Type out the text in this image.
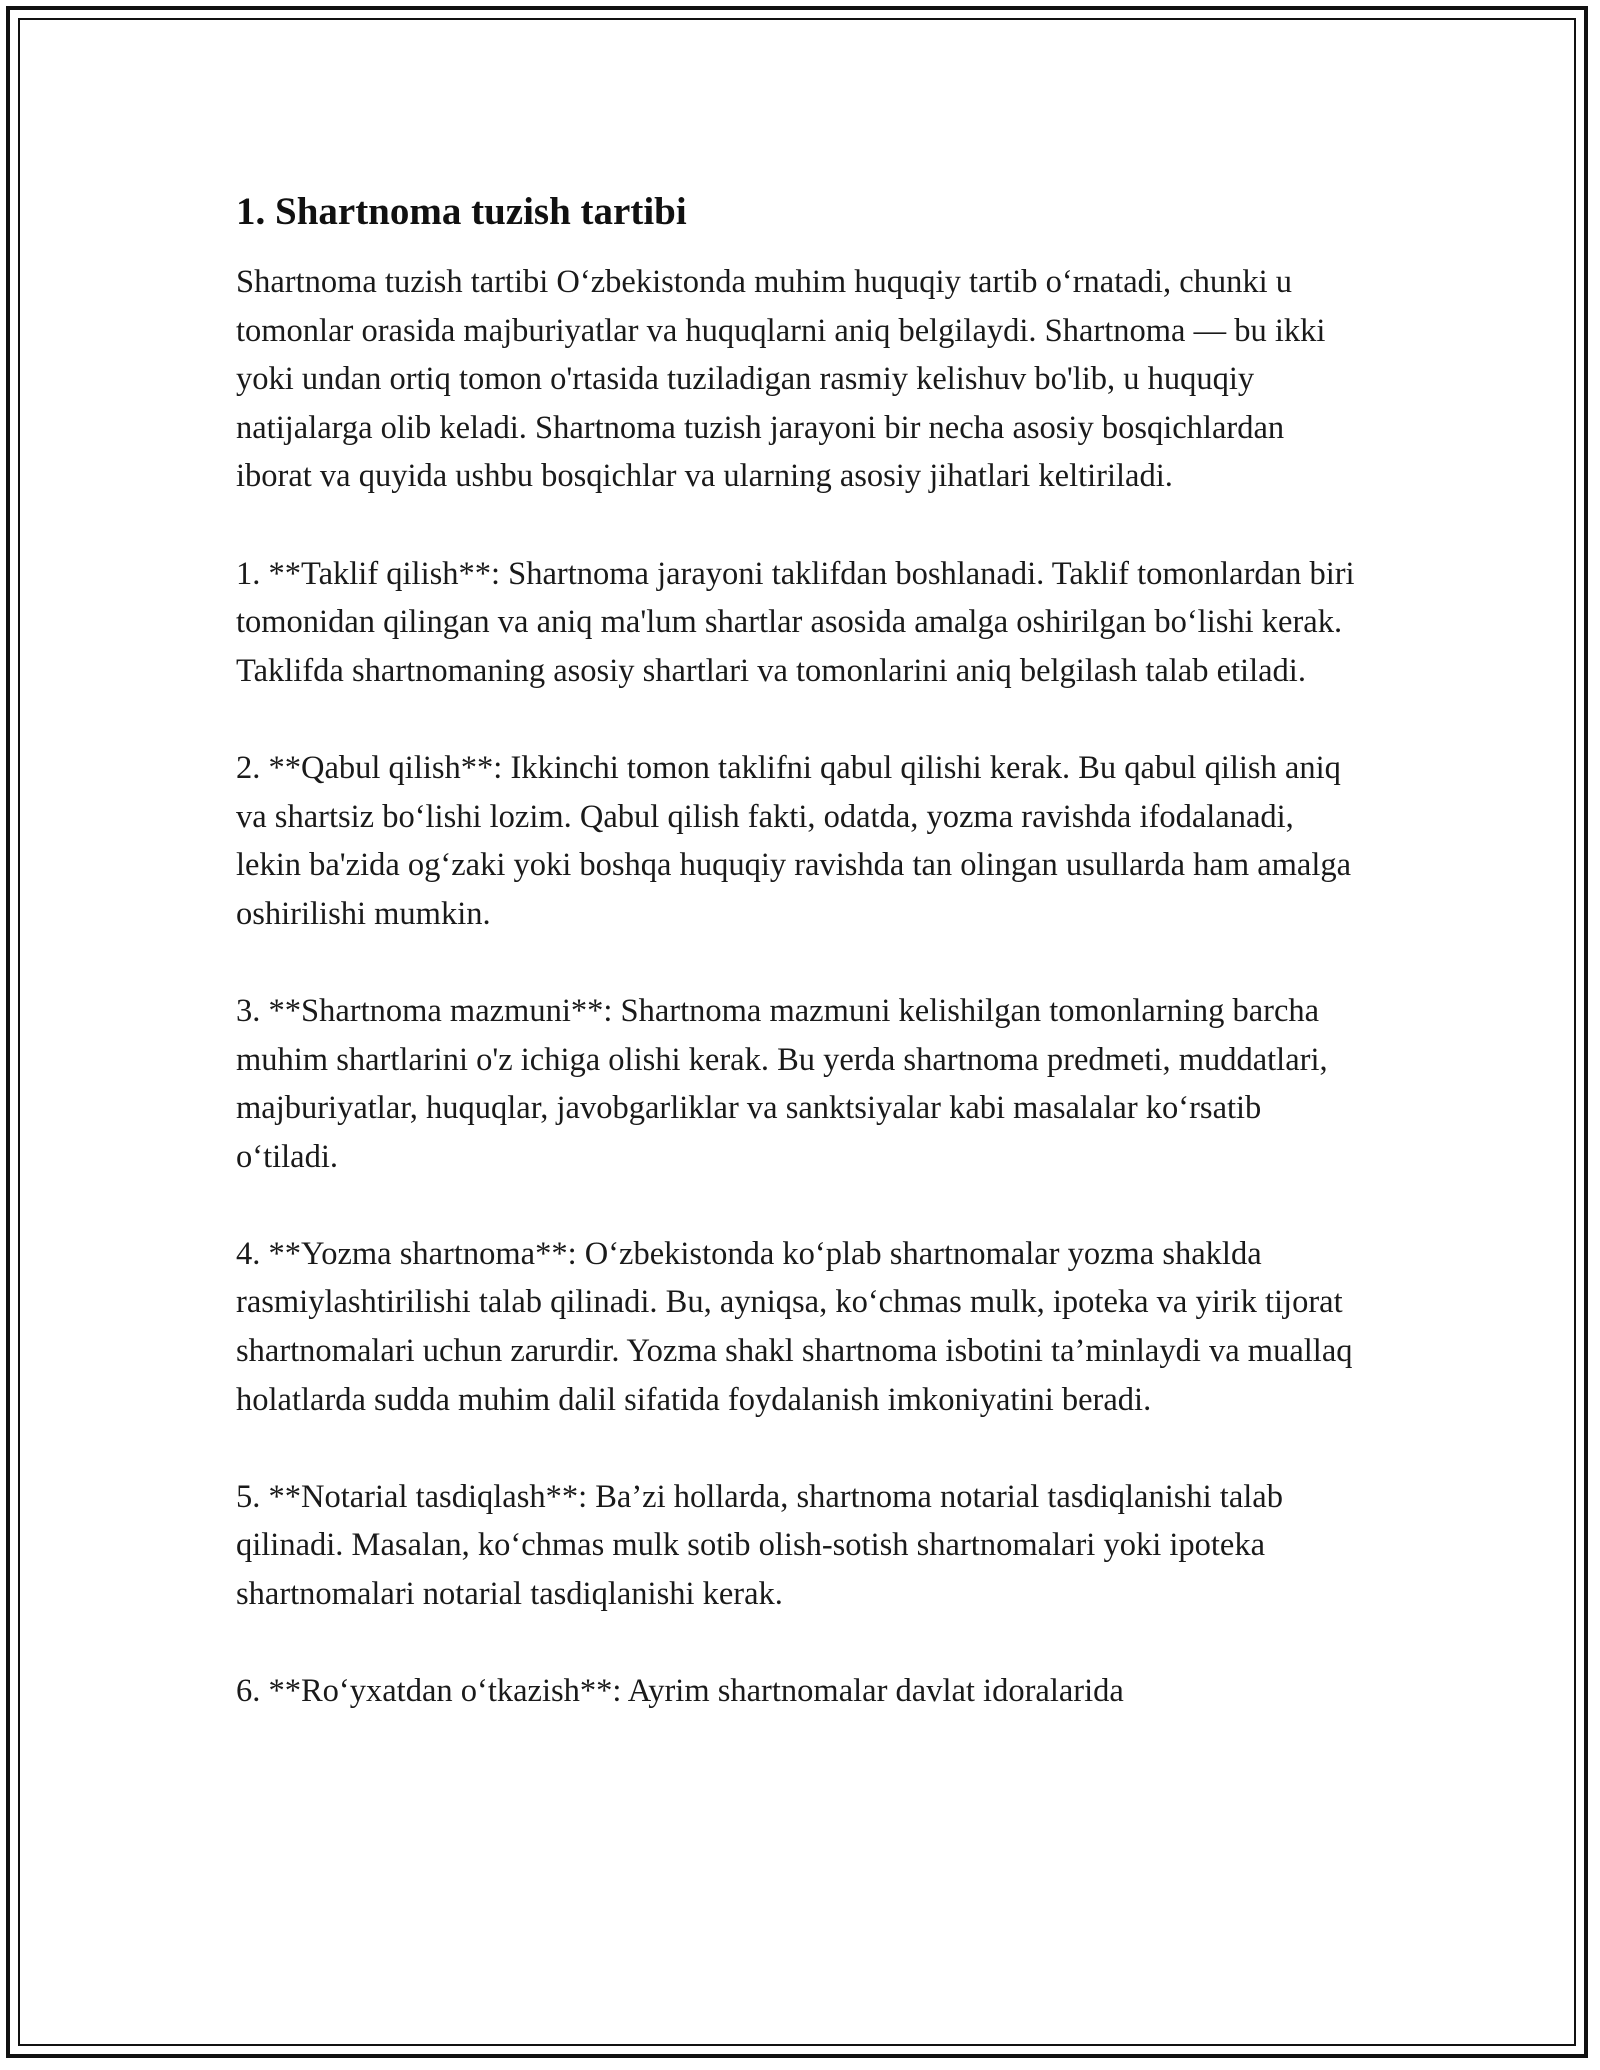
1. Shartnoma tuzish tartibi

Shartnoma tuzish tartibi O‘zbekistonda muhim huquqiy tartib o‘rnatadi, chunki u tomonlar orasida majburiyatlar va huquqlarni aniq belgilaydi. Shartnoma — bu ikki yoki undan ortiq tomon o'rtasida tuziladigan rasmiy kelishuv bo'lib, u huquqiy natijalarga olib keladi. Shartnoma tuzish jarayoni bir necha asosiy bosqichlardan iborat va quyida ushbu bosqichlar va ularning asosiy jihatlari keltiriladi.

1. **Taklif qilish**: Shartnoma jarayoni taklifdan boshlanadi. Taklif tomonlardan biri tomonidan qilingan va aniq ma'lum shartlar asosida amalga oshirilgan bo‘lishi kerak. Taklifda shartnomaning asosiy shartlari va tomonlarini aniq belgilash talab etiladi.

2. **Qabul qilish**: Ikkinchi tomon taklifni qabul qilishi kerak. Bu qabul qilish aniq va shartsiz bo‘lishi lozim. Qabul qilish fakti, odatda, yozma ravishda ifodalanadi, lekin ba'zida og‘zaki yoki boshqa huquqiy ravishda tan olingan usullarda ham amalga oshirilishi mumkin.

3. **Shartnoma mazmuni**: Shartnoma mazmuni kelishilgan tomonlarning barcha muhim shartlarini o'z ichiga olishi kerak. Bu yerda shartnoma predmeti, muddatlari, majburiyatlar, huquqlar, javobgarliklar va sanktsiyalar kabi masalalar ko‘rsatib o‘tiladi.

4. **Yozma shartnoma**: O‘zbekistonda ko‘plab shartnomalar yozma shaklda rasmiylashtirilishi talab qilinadi. Bu, ayniqsa, ko‘chmas mulk, ipoteka va yirik tijorat shartnomalari uchun zarurdir. Yozma shakl shartnoma isbotini ta’minlaydi va muallaq holatlarda sudda muhim dalil sifatida foydalanish imkoniyatini beradi.

5. **Notarial tasdiqlash**: Ba’zi hollarda, shartnoma notarial tasdiqlanishi talab qilinadi. Masalan, ko‘chmas mulk sotib olish-sotish shartnomalari yoki ipoteka shartnomalari notarial tasdiqlanishi kerak.

6. **Ro‘yxatdan o‘tkazish**: Ayrim shartnomalar davlat idoralarida
